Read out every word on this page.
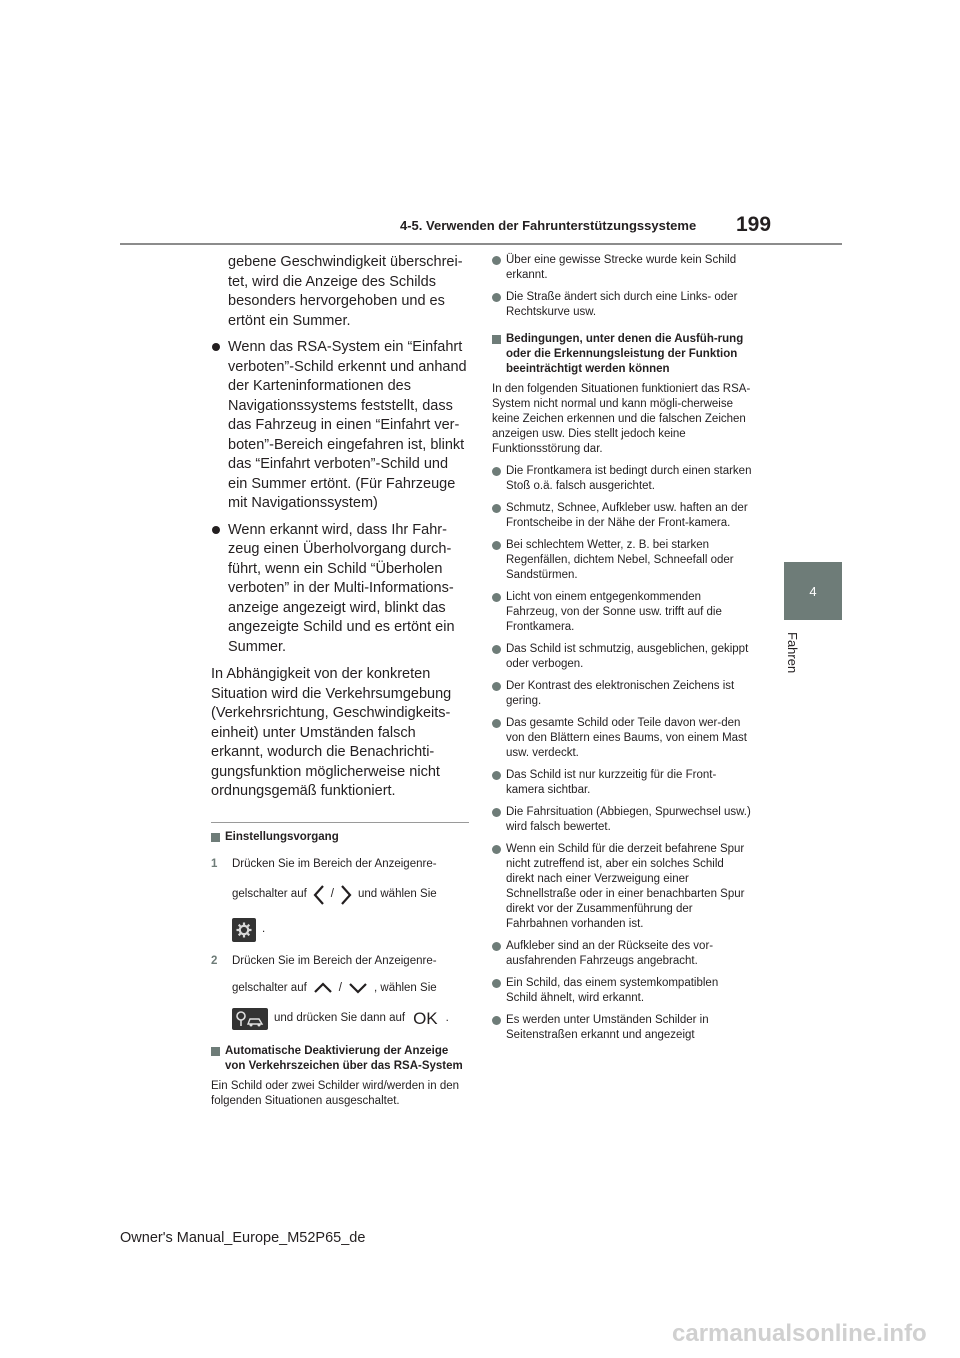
4-5. Verwenden der Fahrunterstützungssysteme 199
4
Fahren
gebene Geschwindigkeit überschrei-tet, wird die Anzeige des Schilds besonders hervorgehoben und es ertönt ein Summer.
Wenn das RSA-System ein “Einfahrt verboten”-Schild erkennt und anhand der Karteninformationen des Navigationssystems feststellt, dass das Fahrzeug in einen “Einfahrt ver-boten”-Bereich eingefahren ist, blinkt das “Einfahrt verboten”-Schild und ein Summer ertönt. (Für Fahrzeuge mit Navigationssystem)
Wenn erkannt wird, dass Ihr Fahr-zeug einen Überholvorgang durch-führt, wenn ein Schild “Überholen verboten” in der Multi-Informations-anzeige angezeigt wird, blinkt das angezeigte Schild und es ertönt ein Summer.
In Abhängigkeit von der konkreten Situation wird die Verkehrsumgebung (Verkehrsrichtung, Geschwindigkeits-einheit) unter Umständen falsch erkannt, wodurch die Benachrichti-gungsfunktion möglicherweise nicht ordnungsgemäß funktioniert.
Einstellungsvorgang
1 Drücken Sie im Bereich der Anzeigenre-
gelschalter auf / und wählen Sie
.
2 Drücken Sie im Bereich der Anzeigenre-
gelschalter auf	/	, wählen Sie
und drücken Sie dann auf OK .
Automatische Deaktivierung der Anzeige von Verkehrszeichen über das RSA-System
Ein Schild oder zwei Schilder wird/werden in den folgenden Situationen ausgeschaltet.
Über eine gewisse Strecke wurde kein Schild erkannt.
Die Straße ändert sich durch eine Links- oder Rechtskurve usw.
Bedingungen, unter denen die Ausfüh-rung oder die Erkennungsleistung der Funktion beeinträchtigt werden können
In den folgenden Situationen funktioniert das RSA-System nicht normal und kann mögli-cherweise keine Zeichen erkennen und die falschen Zeichen anzeigen usw. Dies stellt jedoch keine Funktionsstörung dar.
Die Frontkamera ist bedingt durch einen starken Stoß o.ä. falsch ausgerichtet.
Schmutz, Schnee, Aufkleber usw. haften an der Frontscheibe in der Nähe der Front-kamera.
Bei schlechtem Wetter, z. B. bei starken Regenfällen, dichtem Nebel, Schneefall oder Sandstürmen.
Licht von einem entgegenkommenden Fahrzeug, von der Sonne usw. trifft auf die Frontkamera.
Das Schild ist schmutzig, ausgeblichen, gekippt oder verbogen.
Der Kontrast des elektronischen Zeichens ist gering.
Das gesamte Schild oder Teile davon wer-den von den Blättern eines Baums, von einem Mast usw. verdeckt.
Das Schild ist nur kurzzeitig für die Front-kamera sichtbar.
Die Fahrsituation (Abbiegen, Spurwechsel usw.) wird falsch bewertet.
Wenn ein Schild für die derzeit befahrene Spur nicht zutreffend ist, aber ein solches Schild direkt nach einer Verzweigung einer Schnellstraße oder in einer benachbarten Spur direkt vor der Zusammenführung der Fahrbahnen vorhanden ist.
Aufkleber sind an der Rückseite des vor-ausfahrenden Fahrzeugs angebracht.
Ein Schild, das einem systemkompatiblen Schild ähnelt, wird erkannt.
Es werden unter Umständen Schilder in Seitenstraßen erkannt und angezeigt
Owner's Manual_Europe_M52P65_de
carmanualsonline.info
